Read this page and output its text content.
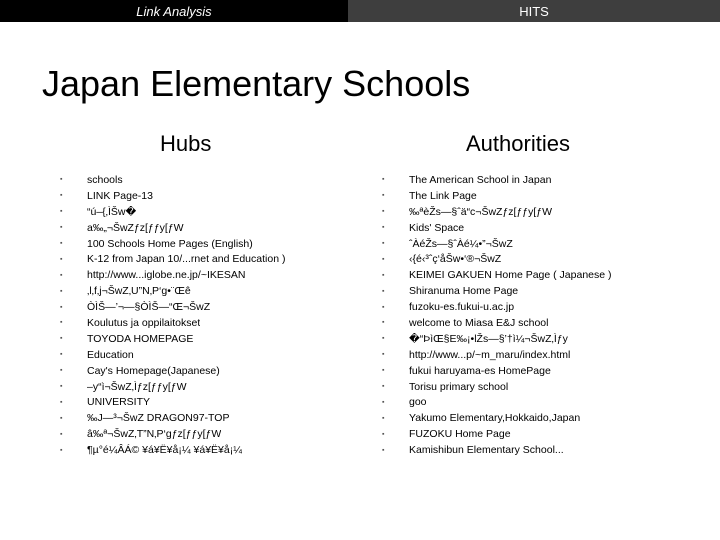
Link Analysis	HITS
Japan Elementary Schools
Hubs	Authorities
▪	schools
▪	LINK Page-13
▪	“ú–{‚ÌŠw�
▪	a‰„¬ŠwZƒz[ƒƒy[ƒW
▪	100 Schools Home Pages (English)
▪	K-12 from Japan 10/...rnet and Education )
▪	http://www...iglobe.ne.jp/~IKESAN
▪	‚l‚f‚j¬ŠwZ‚U”N‚P‘g•¨Œê
▪	ÒÌŠ—’¬—§ÒÌŠ—“Œ¬ŠwZ
▪	Koulutus ja oppilaitokset
▪	TOYODA HOMEPAGE
▪	Education
▪	Cay's Homepage(Japanese)
▪	–y“ì¬ŠwZ‚Ìƒz[ƒƒy[ƒW
▪	UNIVERSITY
▪	‰J—³¬ŠwZ DRAGON97-TOP
▪	â‰ª¬ŠwZ‚T”N‚P‘gƒz[ƒƒy[ƒW
▪	¶µ°é¼ÂÁ© ¥á¥Ë¥å¡¼ ¥á¥Ë¥å¡¼
▪	The American School in Japan
▪	The Link Page
▪	‰ªèŽs—§ˆä“c¬ŠwZƒz[ƒƒy[ƒW
▪	Kids' Space
▪	ˆÀéŽs—§ˆÀé¼•”¬ŠwZ
▪	‹{é‹³ˆç‘åŠw•‘®¬ŠwZ
▪	KEIMEI GAKUEN Home Page ( Japanese )
▪	Shiranuma Home Page
▪	fuzoku-es.fukui-u.ac.jp
▪	welcome to Miasa E&J school
▪	�“ÞìŒ§E‰¡•lŽs—§’†ì¼¬ŠwZ‚Ìƒy
▪	http://www...p/~m_maru/index.html
▪	fukui haruyama-es HomePage
▪	Torisu primary school
▪	goo
▪	Yakumo Elementary,Hokkaido,Japan
▪	FUZOKU Home Page
▪	Kamishibun Elementary School...
